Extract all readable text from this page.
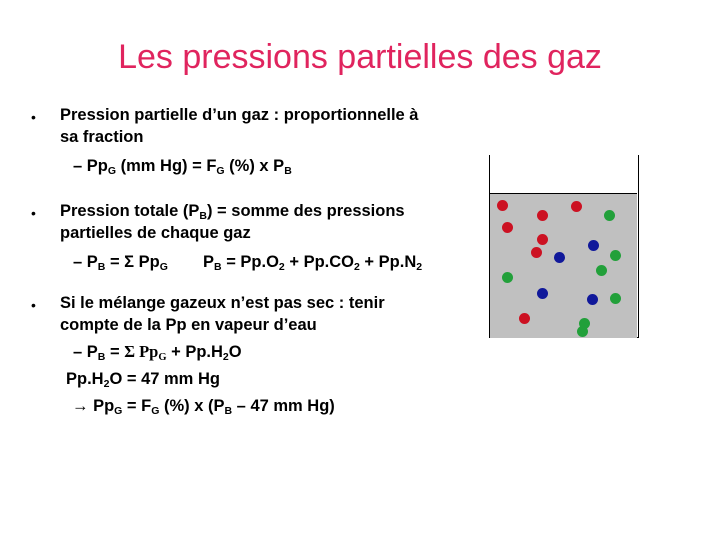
Les pressions partielles des gaz
• Pression partielle d’un gaz : proportionnelle à
sa fraction
– $Pp_G$ (mm $Hg) = F_G$ (%) x $P_B$
• Pression totale $(P_B)$ = somme des pressions
partielles de chaque gaz
– $P_B = \Sigma$ $Pp_G$ $P_B = Pp.O_2 + Pp.CO_2 + Pp.N_2$
• Si le mélange gazeux n’est pas sec : tenir
compte de la Pp en vapeur d’eau
– $P_B = \Sigma$ $Pp_G + Pp.H_2O$
$Pp.H_2O = 47$ mm Hg
→ $Pp_G = F_G$ (%) x ($P_B - 47$ mm Hg)
